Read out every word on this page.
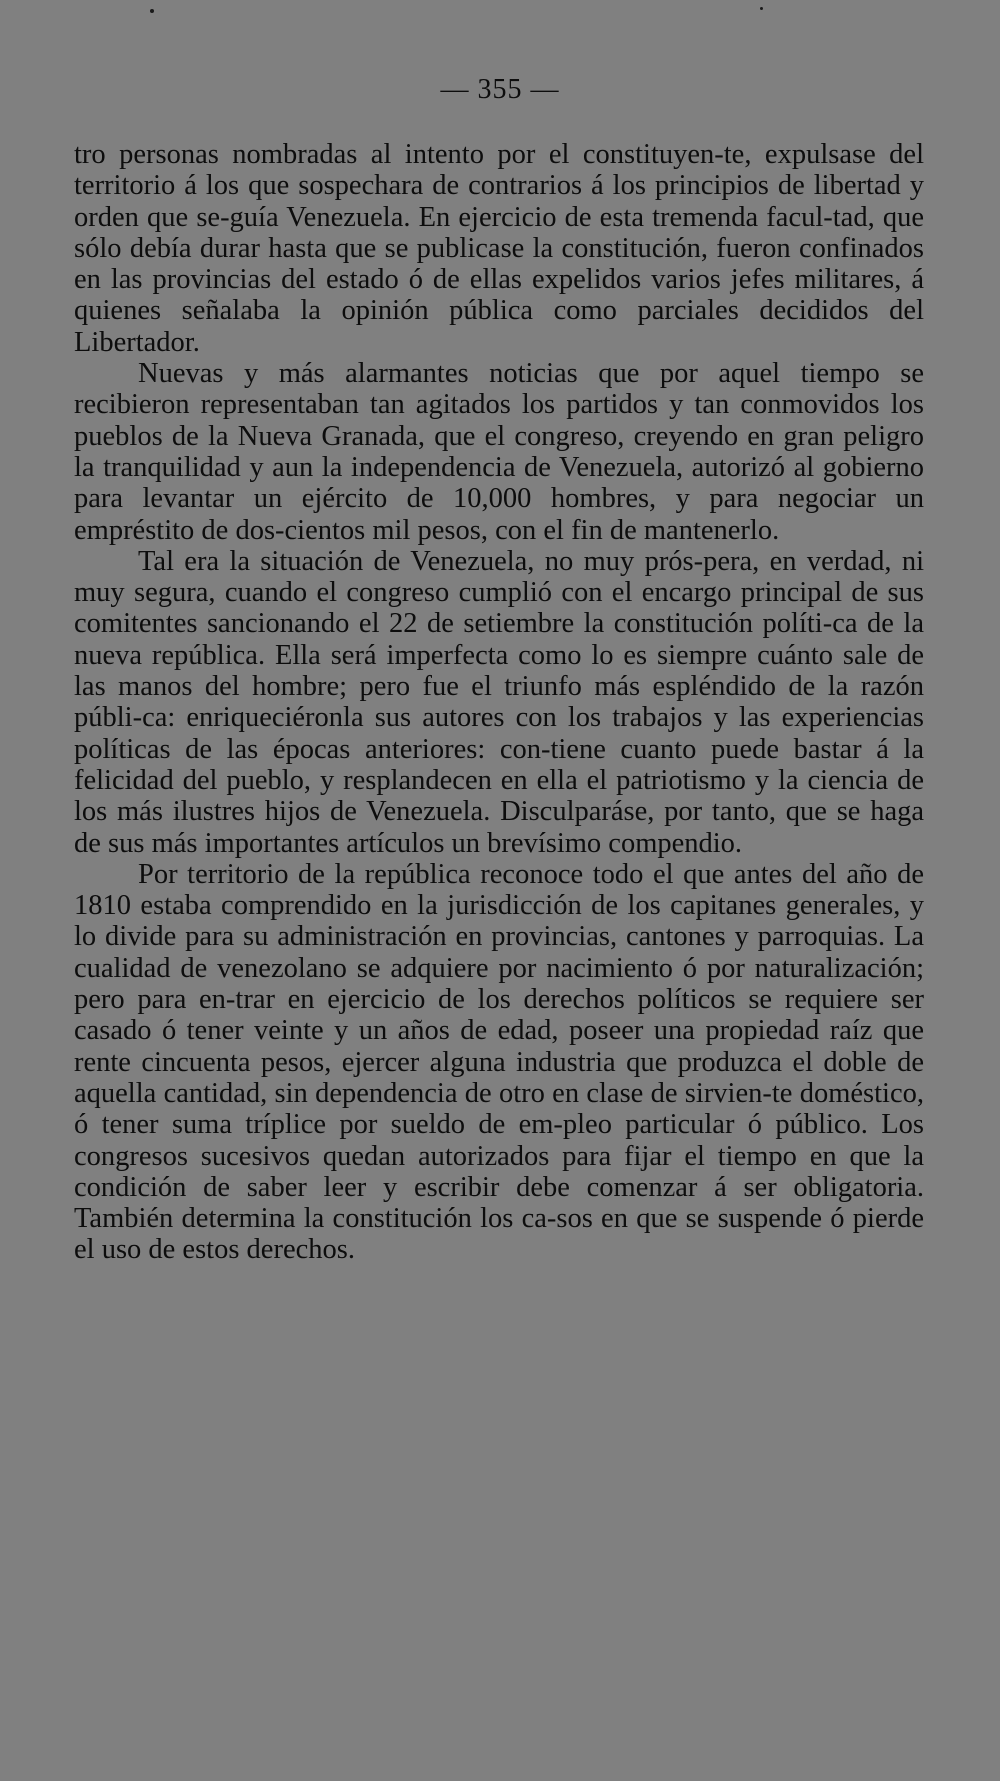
— 355 —

tro personas nombradas al intento por el constituyen-te, expulsase del territorio á los que sospechara de contrarios á los principios de libertad y orden que se-guía Venezuela. En ejercicio de esta tremenda facul-tad, que sólo debía durar hasta que se publicase la constitución, fueron confinados en las provincias del estado ó de ellas expelidos varios jefes militares, á quienes señalaba la opinión pública como parciales decididos del Libertador.

Nuevas y más alarmantes noticias que por aquel tiempo se recibieron representaban tan agitados los partidos y tan conmovidos los pueblos de la Nueva Granada, que el congreso, creyendo en gran peligro la tranquilidad y aun la independencia de Venezuela, autorizó al gobierno para levantar un ejército de 10,000 hombres, y para negociar un empréstito de dos-cientos mil pesos, con el fin de mantenerlo.

Tal era la situación de Venezuela, no muy prós-pera, en verdad, ni muy segura, cuando el congreso cumplió con el encargo principal de sus comitentes sancionando el 22 de setiembre la constitución políti-ca de la nueva república. Ella será imperfecta como lo es siempre cuánto sale de las manos del hombre; pero fue el triunfo más espléndido de la razón públi-ca: enriqueciéronla sus autores con los trabajos y las experiencias políticas de las épocas anteriores: con-tiene cuanto puede bastar á la felicidad del pueblo, y resplandecen en ella el patriotismo y la ciencia de los más ilustres hijos de Venezuela. Disculparáse, por tanto, que se haga de sus más importantes artículos un brevísimo compendio.

Por territorio de la república reconoce todo el que antes del año de 1810 estaba comprendido en la jurisdicción de los capitanes generales, y lo divide para su administración en provincias, cantones y parroquias. La cualidad de venezolano se adquiere por nacimiento ó por naturalización; pero para en-trar en ejercicio de los derechos políticos se requiere ser casado ó tener veinte y un años de edad, poseer una propiedad raíz que rente cincuenta pesos, ejercer alguna industria que produzca el doble de aquella cantidad, sin dependencia de otro en clase de sirvien-te doméstico, ó tener suma tríplice por sueldo de em-pleo particular ó público. Los congresos sucesivos quedan autorizados para fijar el tiempo en que la condición de saber leer y escribir debe comenzar á ser obligatoria. También determina la constitución los ca-sos en que se suspende ó pierde el uso de estos derechos.
